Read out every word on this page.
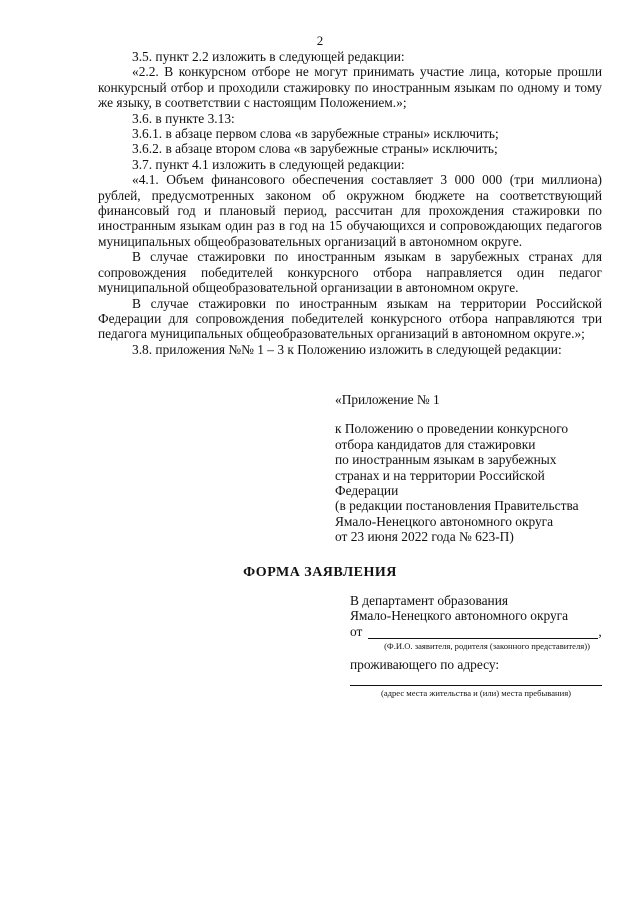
2

3.5. пункт 2.2 изложить в следующей редакции:

«2.2. В конкурсном отборе не могут принимать участие лица, которые прошли конкурсный отбор и проходили стажировку по иностранным языкам по одному и тому же языку, в соответствии с настоящим Положением.»;

3.6. в пункте 3.13:

3.6.1. в абзаце первом слова «в зарубежные страны» исключить;

3.6.2. в абзаце втором слова «в зарубежные страны» исключить;

3.7. пункт 4.1 изложить в следующей редакции:

«4.1. Объем финансового обеспечения составляет 3 000 000 (три миллиона) рублей, предусмотренных законом об окружном бюджете на соответствующий финансовый год и плановый период, рассчитан для прохождения стажировки по иностранным языкам один раз в год на 15 обучающихся и сопровождающих педагогов муниципальных общеобразовательных организаций в автономном округе.

В случае стажировки по иностранным языкам в зарубежных странах для сопровождения победителей конкурсного отбора направляется один педагог муниципальной общеобразовательной организации в автономном округе.

В случае стажировки по иностранным языкам на территории Российской Федерации для сопровождения победителей конкурсного отбора направляются три педагога муниципальных общеобразовательных организаций в автономном округе.»;

3.8. приложения №№ 1 – 3 к Положению изложить в следующей редакции:

«Приложение № 1

к Положению о проведении конкурсного

отбора кандидатов для стажировки

по иностранным языкам в зарубежных

странах и на территории Российской

Федерации

(в редакции постановления Правительства

Ямало-Ненецкого автономного округа

от 23 июня 2022 года № 623-П)

ФОРМА ЗАЯВЛЕНИЯ

В департамент образования

Ямало-Ненецкого автономного округа

от	,

(Ф.И.О. заявителя, родителя (законного представителя))

проживающего по адресу:

(адрес места жительства и (или) места пребывания)
